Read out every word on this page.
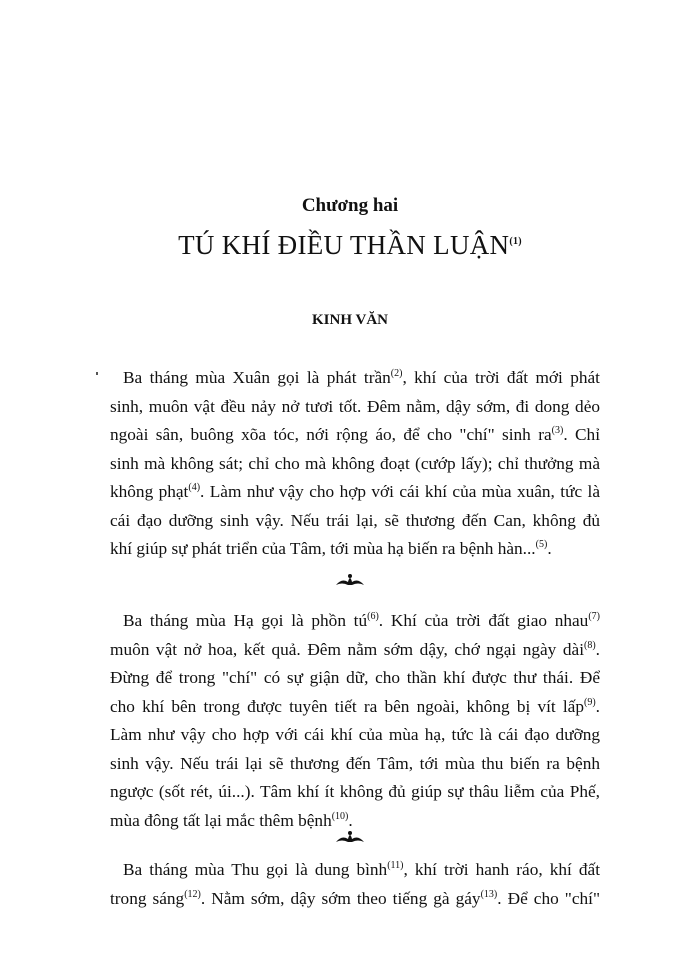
Chương hai
TÚ KHÍ ĐIỀU THẦN LUẬN$^{(1)}$
KINH VĂN
Ba tháng mùa Xuân gọi là phát trần$^{(2)}$, khí của trời đất mới phát
sinh, muôn vật đều nảy nở tươi tốt. Đêm nằm, dậy sớm, đi dong dẻo
ngoài sân, buông xõa tóc, nới rộng áo, để cho "chí" $\sinh ra^{(3)}$. Chỉ
sinh mà không sát; chỉ cho mà không đoạt (cướp lấy); chỉ thưởng mà
không phạt$^{(4)}$. Làm như vậy cho hợp với cái khí của mùa xuân, tức là
cái đạo dưỡng sinh vậy. Nếu trái lại, sẽ thương đến Can, không đủ
khí giúp sự phát triển của Tâm, tới mùa hạ biến ra bệnh hàn...$^{(5)}$.
Ba tháng mùa Hạ gọi là phồn $tú^{(6)}$. Khí của trời đất giao nhau$^{(7)}$
muôn vật nở hoa, kết quả. Đêm nằm sớm dậy, chớ ngại ngày dài$^{(8)}$.
Đừng để trong "chí" có sự giận dữ, cho thần khí được thư thái. Để
cho khí bên trong được tuyên tiết ra bên ngoài, không bị vít lấp$^{(9)}$.
Làm như vậy cho hợp với cái khí của mùa hạ, tức là cái đạo dưỡng
sinh vậy. Nếu trái lại sẽ thương đến Tâm, tới mùa thu biến ra bệnh
ngược (sốt rét, úi...). Tâm khí ít không đủ giúp sự thâu liễm của Phế,
mùa đông tất lại mắc thêm bệnh$^{(10)}$.
Ba tháng mùa Thu gọi là dung bình$^{(11)}$, khí trời hanh ráo, khí đất
trong sáng$^{(12)}$. Nằm sớm, dậy sớm theo tiếng gà gáy$^{(13)}$. Để cho "chí"
